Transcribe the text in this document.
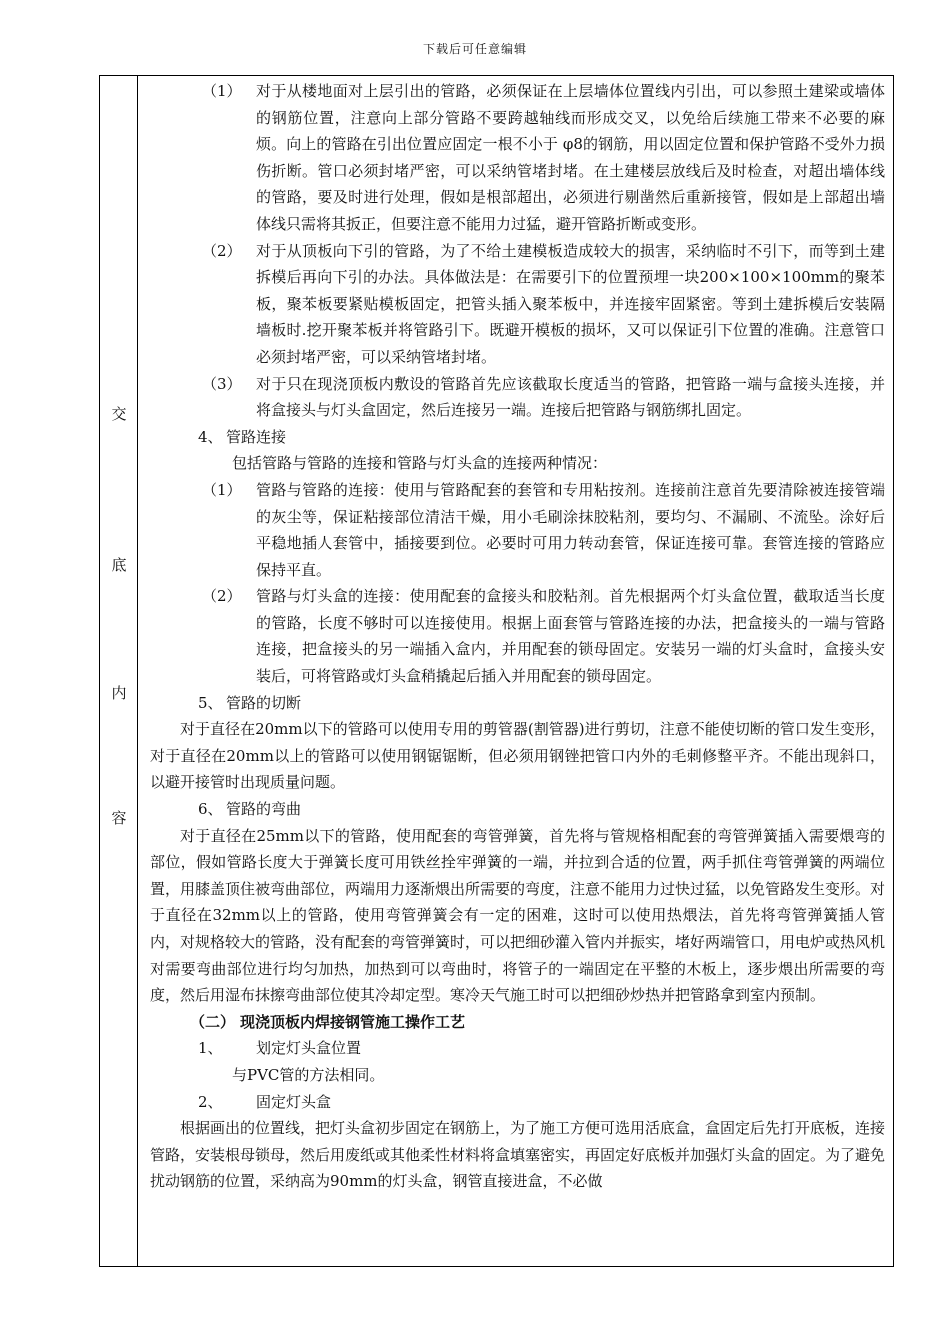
下载后可任意编辑
交
底
内
容

（1） 对于从楼地面对上层引出的管路，必须保证在上层墙体位置线内引出，可以参照土建梁或墙体的钢筋位置，注意向上部分管路不要跨越轴线而形成交叉，以免给后续施工带来不必要的麻烦。向上的管路在引出位置应固定一根不小于 φ8的钢筋，用以固定位置和保护管路不受外力损伤折断。管口必须封堵严密，可以采纳管堵封堵。在土建楼层放线后及时检查，对超出墙体线的管路，要及时进行处理，假如是根部超出，必须进行剔凿然后重新接管，假如是上部超出墙体线只需将其扳正，但要注意不能用力过猛，避开管路折断或变形。

（2） 对于从顶板向下引的管路，为了不给土建模板造成较大的损害，采纳临时不引下，而等到土建拆模后再向下引的办法。具体做法是：在需要引下的位置预埋一块200×100×100mm的聚苯板，聚苯板要紧贴模板固定，把管头插入聚苯板中，并连接牢固紧密。等到土建拆模后安装隔墙板时.挖开聚苯板并将管路引下。既避开模板的损坏，又可以保证引下位置的准确。注意管口必须封堵严密，可以采纳管堵封堵。

（3） 对于只在现浇顶板内敷设的管路首先应该截取长度适当的管路，把管路一端与盒接头连接，并将盒接头与灯头盒固定，然后连接另一端。连接后把管路与钢筋绑扎固定。

4、 管路连接

包括管路与管路的连接和管路与灯头盒的连接两种情况：

（1） 管路与管路的连接：使用与管路配套的套管和专用粘按剂。连接前注意首先要清除被连接管端的灰尘等，保证粘接部位清洁干燥，用小毛刷涂抹胶粘剂，要均匀、不漏刷、不流坠。涂好后平稳地插人套管中，插接要到位。必要时可用力转动套管，保证连接可靠。套管连接的管路应保持平直。

（2） 管路与灯头盒的连接：使用配套的盒接头和胶粘剂。首先根据两个灯头盒位置，截取适当长度的管路，长度不够时可以连接使用。根据上面套管与管路连接的办法，把盒接头的一端与管路连接，把盒接头的另一端插入盒内，并用配套的锁母固定。安装另一端的灯头盒时，盒接头安装后，可将管路或灯头盒稍撬起后插入并用配套的锁母固定。

5、 管路的切断

对于直径在20mm以下的管路可以使用专用的剪管器(割管器)进行剪切，注意不能使切断的管口发生变形，对于直径在20mm以上的管路可以使用钢锯锯断，但必须用钢锉把管口内外的毛刺修整平齐。不能出现斜口，以避开接管时出现质量问题。

6、 管路的弯曲

对于直径在25mm以下的管路，使用配套的弯管弹簧，首先将与管规格相配套的弯管弹簧插入需要煨弯的部位，假如管路长度大于弹簧长度可用铁丝拴牢弹簧的一端，并拉到合适的位置，两手抓住弯管弹簧的两端位置，用膝盖顶住被弯曲部位，两端用力逐渐煨出所需要的弯度，注意不能用力过快过猛，以免管路发生变形。对于直径在32mm以上的管路，使用弯管弹簧会有一定的困难，这时可以使用热煨法，首先将弯管弹簧插人管内，对规格较大的管路，没有配套的弯管弹簧时，可以把细砂灌入管内并振实，堵好两端管口，用电炉或热风机对需要弯曲部位进行均匀加热，加热到可以弯曲时，将管子的一端固定在平整的木板上，逐步煨出所需要的弯度，然后用湿布抹擦弯曲部位使其冷却定型。寒冷天气施工时可以把细砂炒热并把管路拿到室内预制。

（二） 现浇顶板内焊接钢管施工操作工艺

1、 划定灯头盒位置

与PVC管的方法相同。

2、 固定灯头盒

根据画出的位置线，把灯头盒初步固定在钢筋上，为了施工方便可选用活底盒，盒固定后先打开底板，连接管路，安装根母锁母，然后用废纸或其他柔性材料将盒填塞密实，再固定好底板并加强灯头盒的固定。为了避免扰动钢筋的位置，采纳高为90mm的灯头盒，钢管直接进盒，不必做
